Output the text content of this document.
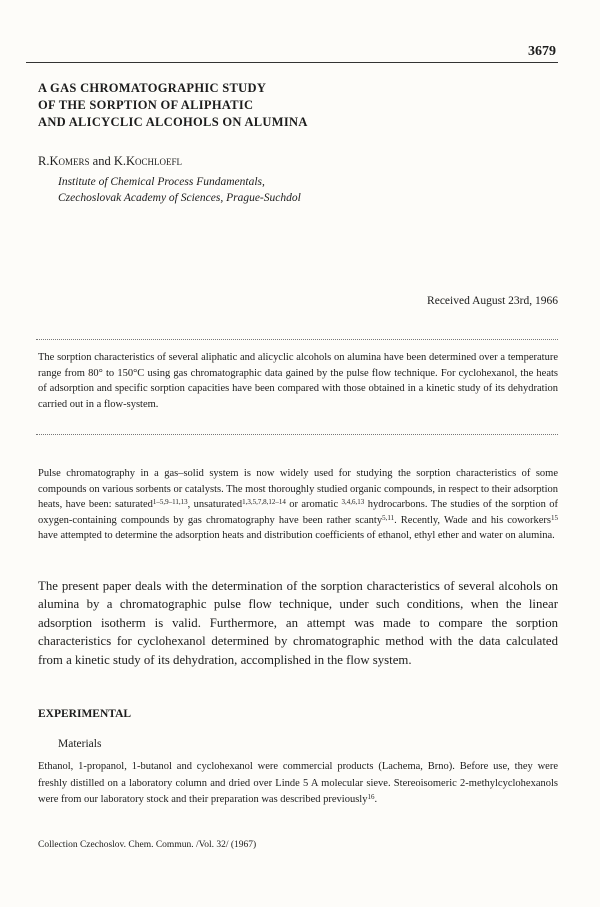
3679
A GAS CHROMATOGRAPHIC STUDY
OF THE SORPTION OF ALIPHATIC
AND ALICYCLIC ALCOHOLS ON ALUMINA
R.Komers and K.Kochloefl
Institute of Chemical Process Fundamentals,
Czechoslovak Academy of Sciences, Prague-Suchdol
Received August 23rd, 1966

The sorption characteristics of several aliphatic and alicyclic alcohols on alumina have been determined over a temperature range from 80° to 150°C using gas chromatographic data gained by the pulse flow technique. For cyclohexanol, the heats of adsorption and specific sorption capacities have been compared with those obtained in a kinetic study of its dehydration carried out in a flow-system.

Pulse chromatography in a gas–solid system is now widely used for studying the sorption characteristics of some compounds on various sorbents or catalysts. The most thoroughly studied organic compounds, in respect to their adsorption heats, have been: saturated$^{1-5,9-11,13}$, unsaturated$^{1,3,5,7,8,12-14}$ or aromatic $^{3,4,6,13}$ hydrocarbons. The studies of the sorption of oxygen-containing compounds by gas chromatography have been rather scanty$^{5,11}$. Recently, Wade and his coworkers$^{15}$ have attempted to determine the adsorption heats and distribution coefficients of ethanol, ethyl ether and water on alumina.

The present paper deals with the determination of the sorption characteristics of several alcohols on alumina by a chromatographic pulse flow technique, under such conditions, when the linear adsorption isotherm is valid. Furthermore, an attempt was made to compare the sorption characteristics for cyclohexanol determined by chromatographic method with the data calculated from a kinetic study of its dehydration, accomplished in the flow system.

EXPERIMENTAL
Materials

Ethanol, 1-propanol, 1-butanol and cyclohexanol were commercial products (Lachema, Brno). Before use, they were freshly distilled on a laboratory column and dried over Linde 5 A molecular sieve. Stereoisomeric 2-methylcyclohexanols were from our laboratory stock and their preparation was described previously$^{16}$.

Collection Czechoslov. Chem. Commun. /Vol. 32/ (1967)
